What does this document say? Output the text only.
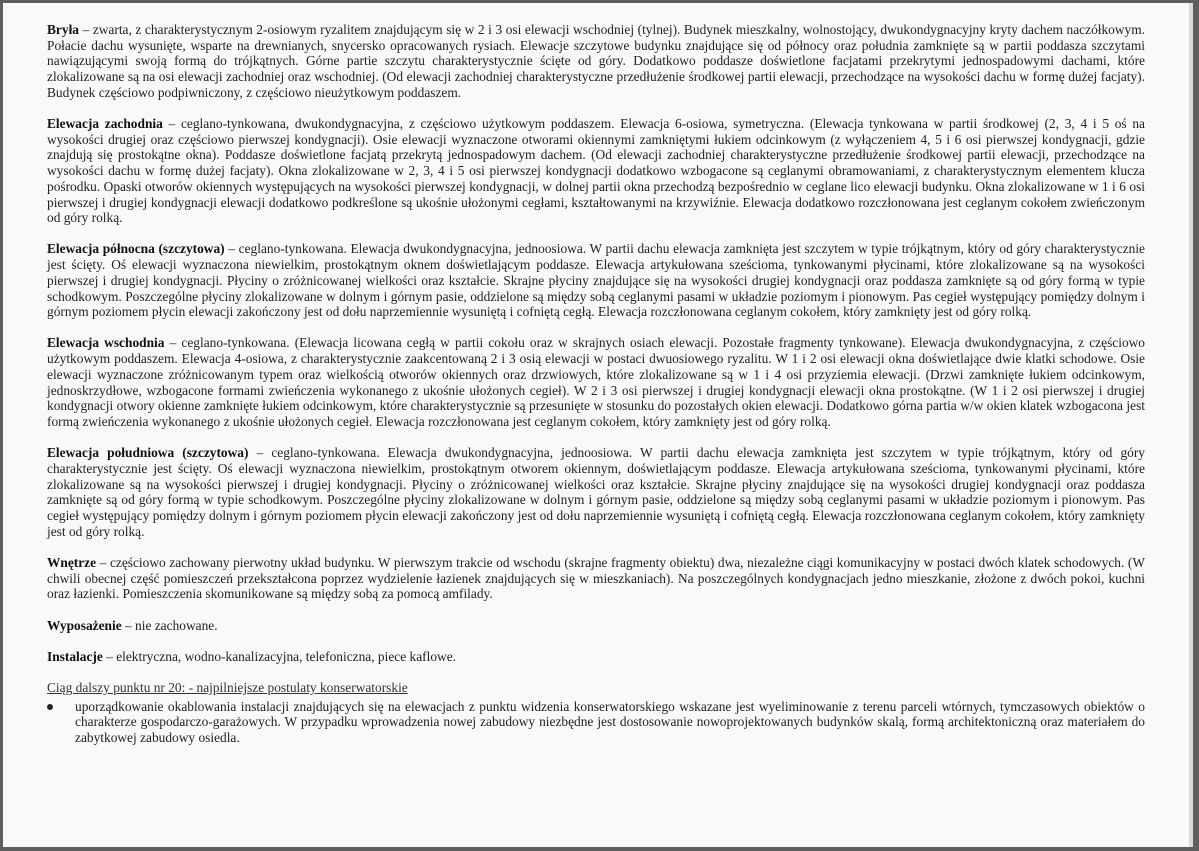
Bryła – zwarta, z charakterystycznym 2-osiowym ryzalitem znajdującym się w 2 i 3 osi elewacji wschodniej (tylnej). Budynek mieszkalny, wolnostojący, dwukondygnacyjny kryty dachem naczółkowym. Połacie dachu wysunięte, wsparte na drewnianych, snycersko opracowanych rysiach. Elewacje szczytowe budynku znajdujące się od północy oraz południa zamknięte są w partii poddasza szczytami nawiązującymi swoją formą do trójkątnych. Górne partie szczytu charakterystycznie ścięte od góry. Dodatkowo poddasze doświetlone facjatami przekrytymi jednospadowymi dachami, które zlokalizowane są na osi elewacji zachodniej oraz wschodniej. (Od elewacji zachodniej charakterystyczne przedłużenie środkowej partii elewacji, przechodzące na wysokości dachu w formę dużej facjaty). Budynek częściowo podpiwniczony, z częściowo nieużytkowym poddaszem.

Elewacja zachodnia – ceglano-tynkowana, dwukondygnacyjna, z częściowo użytkowym poddaszem. Elewacja 6-osiowa, symetryczna. (Elewacja tynkowana w partii środkowej (2, 3, 4 i 5 oś na wysokości drugiej oraz częściowo pierwszej kondygnacji). Osie elewacji wyznaczone otworami okiennymi zamkniętymi łukiem odcinkowym (z wyłączeniem 4, 5 i 6 osi pierwszej kondygnacji, gdzie znajdują się prostokątne okna). Poddasze doświetlone facjatą przekrytą jednospadowym dachem. (Od elewacji zachodniej charakterystyczne przedłużenie środkowej partii elewacji, przechodzące na wysokości dachu w formę dużej facjaty). Okna zlokalizowane w 2, 3, 4 i 5 osi pierwszej kondygnacji dodatkowo wzbogacone są ceglanymi obramowaniami, z charakterystycznym elementem klucza pośrodku. Opaski otworów okiennych występujących na wysokości pierwszej kondygnacji, w dolnej partii okna przechodzą bezpośrednio w ceglane lico elewacji budynku. Okna zlokalizowane w 1 i 6 osi pierwszej i drugiej kondygnacji elewacji dodatkowo podkreślone są ukośnie ułożonymi cegłami, kształtowanymi na krzywiźnie. Elewacja dodatkowo rozczłonowana jest ceglanym cokołem zwieńczonym od góry rolką.

Elewacja północna (szczytowa) – ceglano-tynkowana. Elewacja dwukondygnacyjna, jednoosiowa. W partii dachu elewacja zamknięta jest szczytem w typie trójkątnym, który od góry charakterystycznie jest ścięty. Oś elewacji wyznaczona niewielkim, prostokątnym oknem doświetlającym poddasze. Elewacja artykułowana sześcioma, tynkowanymi płycinami, które zlokalizowane są na wysokości pierwszej i drugiej kondygnacji. Płyciny o zróżnicowanej wielkości oraz kształcie. Skrajne płyciny znajdujące się na wysokości drugiej kondygnacji oraz poddasza zamknięte są od góry formą w typie schodkowym. Poszczególne płyciny zlokalizowane w dolnym i górnym pasie, oddzielone są między sobą ceglanymi pasami w układzie poziomym i pionowym. Pas cegieł występujący pomiędzy dolnym i górnym poziomem płycin elewacji zakończony jest od dołu naprzemiennie wysuniętą i cofniętą cegłą. Elewacja rozczłonowana ceglanym cokołem, który zamknięty jest od góry rolką.

Elewacja wschodnia – ceglano-tynkowana. (Elewacja licowana cegłą w partii cokołu oraz w skrajnych osiach elewacji. Pozostałe fragmenty tynkowane). Elewacja dwukondygnacyjna, z częściowo użytkowym poddaszem. Elewacja 4-osiowa, z charakterystycznie zaakcentowaną 2 i 3 osią elewacji w postaci dwuosiowego ryzalitu. W 1 i 2 osi elewacji okna doświetlające dwie klatki schodowe. Osie elewacji wyznaczone zróżnicowanym typem oraz wielkością otworów okiennych oraz drzwiowych, które zlokalizowane są w 1 i 4 osi przyziemia elewacji. (Drzwi zamknięte łukiem odcinkowym, jednoskrzydłowe, wzbogacone formami zwieńczenia wykonanego z ukośnie ułożonych cegieł). W 2 i 3 osi pierwszej i drugiej kondygnacji elewacji okna prostokątne. (W 1 i 2 osi pierwszej i drugiej kondygnacji otwory okienne zamknięte łukiem odcinkowym, które charakterystycznie są przesunięte w stosunku do pozostałych okien elewacji. Dodatkowo górna partia w/w okien klatek wzbogacona jest formą zwieńczenia wykonanego z ukośnie ułożonych cegieł. Elewacja rozczłonowana jest ceglanym cokołem, który zamknięty jest od góry rolką.

Elewacja południowa (szczytowa) – ceglano-tynkowana. Elewacja dwukondygnacyjna, jednoosiowa. W partii dachu elewacja zamknięta jest szczytem w typie trójkątnym, który od góry charakterystycznie jest ścięty. Oś elewacji wyznaczona niewielkim, prostokątnym otworem okiennym, doświetlającym poddasze. Elewacja artykułowana sześcioma, tynkowanymi płycinami, które zlokalizowane są na wysokości pierwszej i drugiej kondygnacji. Płyciny o zróżnicowanej wielkości oraz kształcie. Skrajne płyciny znajdujące się na wysokości drugiej kondygnacji oraz poddasza zamknięte są od góry formą w typie schodkowym. Poszczególne płyciny zlokalizowane w dolnym i górnym pasie, oddzielone są między sobą ceglanymi pasami w układzie poziomym i pionowym. Pas cegieł występujący pomiędzy dolnym i górnym poziomem płycin elewacji zakończony jest od dołu naprzemiennie wysuniętą i cofniętą cegłą. Elewacja rozczłonowana ceglanym cokołem, który zamknięty jest od góry rolką.

Wnętrze – częściowo zachowany pierwotny układ budynku. W pierwszym trakcie od wschodu (skrajne fragmenty obiektu) dwa, niezależne ciągi komunikacyjny w postaci dwóch klatek schodowych. (W chwili obecnej część pomieszczeń przekształcona poprzez wydzielenie łazienek znajdujących się w mieszkaniach). Na poszczególnych kondygnacjach jedno mieszkanie, złożone z dwóch pokoi, kuchni oraz łazienki. Pomieszczenia skomunikowane są między sobą za pomocą amfilady.

Wyposażenie – nie zachowane.

Instalacje – elektryczna, wodno-kanalizacyjna, telefoniczna, piece kaflowe.

Ciąg dalszy punktu nr 20: - najpilniejsze postulaty konserwatorskie
uporządkowanie okablowania instalacji znajdujących się na elewacjach z punktu widzenia konserwatorskiego wskazane jest wyeliminowanie z terenu parceli wtórnych, tymczasowych obiektów o charakterze gospodarczo-garażowych. W przypadku wprowadzenia nowej zabudowy niezbędne jest dostosowanie nowoprojektowanych budynków skalą, formą architektoniczną oraz materiałem do zabytkowej zabudowy osiedla.
